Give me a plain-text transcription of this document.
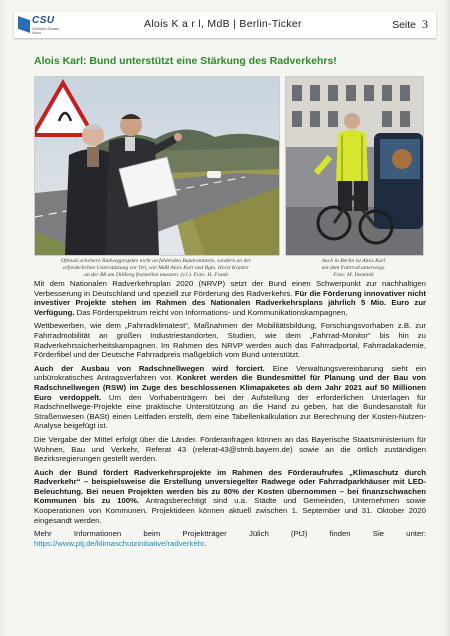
CSU
Christlich-Soziale Union
Alois K a r l, MdB | Berlin-Ticker	Seite 3
Alois Karl: Bund unterstützt eine Stärkung des Radverkehrs!
Oftmals scheitern Radwegprojekte nicht an fehlenden Bundesmitteln, sondern an der
erforderlichen Unterstützung vor Ort, wie MdB Alois Karl und Bgm. Horst Kratzer
an der B8 am Dillberg feststellen mussten. (v.l.). Foto: H. Frank
Auch in Berlin ist Alois Karl
mit dem Fahrrad unterwegs.
Foto: M. Dominik

Mit dem Nationalen Radverkehrsplan 2020 (NRVP) setzt der Bund einen Schwerpunkt zur nachhaltigen Verbesserung in Deutschland und speziell zur Förderung des Radverkehrs. Für die Förderung innovativer nicht investiver Projekte stehen im Rahmen des Nationalen Radverkehrsplans jährlich 5 Mio. Euro zur Verfügung. Das Förderspektrum reicht von Informations- und Kommunikationskampagnen,

Wettbewerben, wie dem „Fahrradklimatest“, Maßnahmen der Mobilitätsbildung, Forschungsvorhaben z.B. zur Fahrradmobilität an großen Industriestandorten, Studien, wie dem „Fahrrad-Monitor“ bis hin zu Radverkehrssicherheitskampagnen. Im Rahmen des NRVP werden auch das Fahrradportal, Fahrradakademie, Förderfibel und der Deutsche Fahrradpreis maßgeblich vom Bund unterstützt.

Auch der Ausbau von Radschnellwegen wird forciert. Eine Verwaltungsvereinbarung sieht ein unbürokratisches Antragsverfahren vor. Konkret werden die Bundesmittel für Planung und der Bau von Radschnellwegen (RSW) im Zuge des beschlossenen Klimapaketes ab dem Jahr 2021 auf 50 Millionen Euro verdoppelt. Um den Vorhabenträgern bei der Aufstellung der erforderlichen Unterlagen für Radschnellwege-Projekte eine praktische Unterstützung an die Hand zu geben, hat die Bundesanstalt für Straßenwesen (BASt) einen Leitfaden erstellt, dem eine Tabellenkalkulation zur Berechnung der Kosten-Nutzen-Analyse beigefügt ist.

Die Vergabe der Mittel erfolgt über die Länder. Förderanfragen können an das Bayerische Staatsministerium für Wohnen, Bau und Verkehr, Referat 43 (referat-43@stmb.bayern.de) sowie an die örtlich zuständigen Bezirksregierungen gestellt werden.

Auch der Bund fördert Radverkehrsprojekte im Rahmen des Förderaufrufes „Klimaschutz durch Radverkehr“ – beispielsweise die Erstellung unversiegelter Radwege oder Fahrradparkhäuser mit LED-Beleuchtung. Bei neuen Projekten werden bis zu 80% der Kosten übernommen – bei finanzschwachen Kommunen bis zu 100%. Antragsberechtigt sind u.a. Städte und Gemeinden, Unternehmen sowie Kooperationen von Kommunen. Projektideen können aktuell zwischen 1. September und 31. Oktober 2020 eingesandt werden.

Mehr Informationen beim Projektträger Jülich (PtJ) finden Sie unter: https://www.ptj.de/klimaschutzinitiative/radverkehr.
